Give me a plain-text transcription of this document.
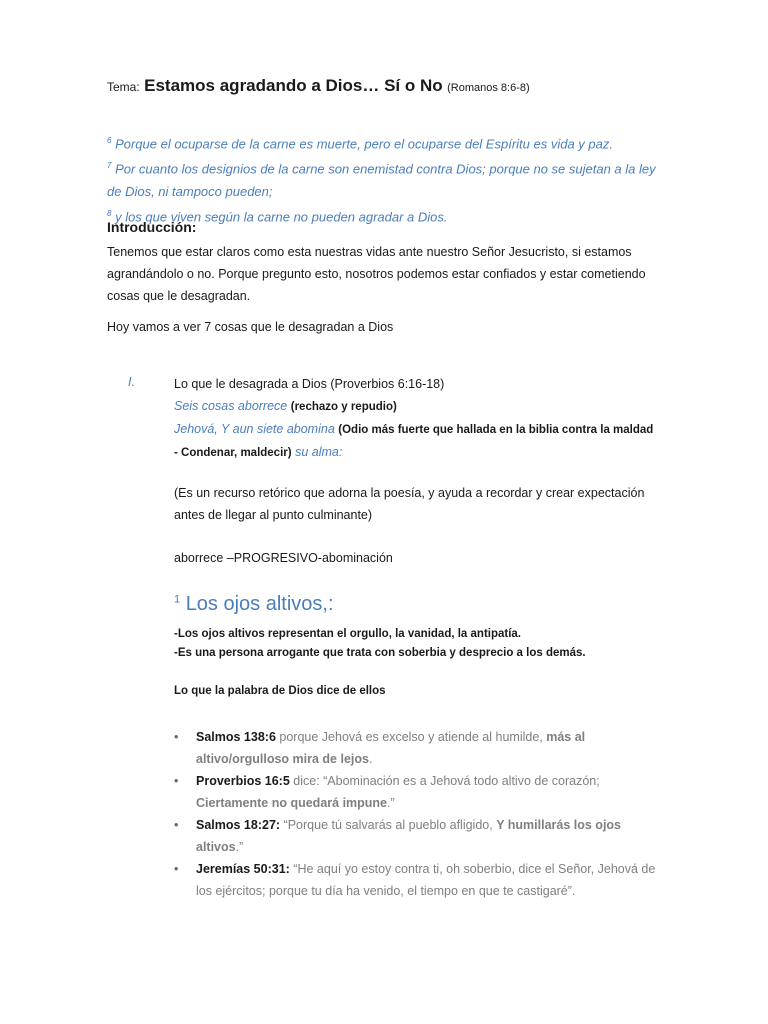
Tema: Estamos agradando a Dios… Sí o No (Romanos 8:6-8)
$^6$ Porque el ocuparse de la carne es muerte, pero el ocuparse del Espíritu es vida y paz.
$^7$ Por cuanto los designios de la carne son enemistad contra Dios; porque no se sujetan a la ley de Dios, ni tampoco pueden;
$^8$ y los que viven según la carne no pueden agradar a Dios.
Introducción:
Tenemos que estar claros como esta nuestras vidas ante nuestro Señor Jesucristo, si estamos agrandándolo o no. Porque pregunto esto, nosotros podemos estar confiados y estar cometiendo cosas que le desagradan.
Hoy vamos a ver 7 cosas que le desagradan a Dios
I.	Lo que le desagrada a Dios (Proverbios 6:16-18)
Seis cosas aborrece (rechazo y repudio)
Jehová, Y aun siete abomina (Odio más fuerte que hallada en la biblia contra la maldad - Condenar, maldecir) su alma:
(Es un recurso retórico que adorna la poesía, y ayuda a recordar y crear expectación antes de llegar al punto culminante)
aborrece –PROGRESIVO-abominación
$^1$ Los ojos altivos,:
-Los ojos altivos representan el orgullo, la vanidad, la antipatía.
-Es una persona arrogante que trata con soberbia y desprecio a los demás.
Lo que la palabra de Dios dice de ellos
• Salmos 138:6 porque Jehová es excelso y atiende al humilde, más al altivo/orgulloso mira de lejos.
• Proverbios 16:5 dice: “Abominación es a Jehová todo altivo de corazón; Ciertamente no quedará impune.”
• Salmos 18:27: “Porque tú salvarás al pueblo afligido, Y humillarás los ojos altivos.”
• Jeremías 50:31: “He aquí yo estoy contra ti, oh soberbio, dice el Señor, Jehová de los ejércitos; porque tu día ha venido, el tiempo en que te castigaré”.
